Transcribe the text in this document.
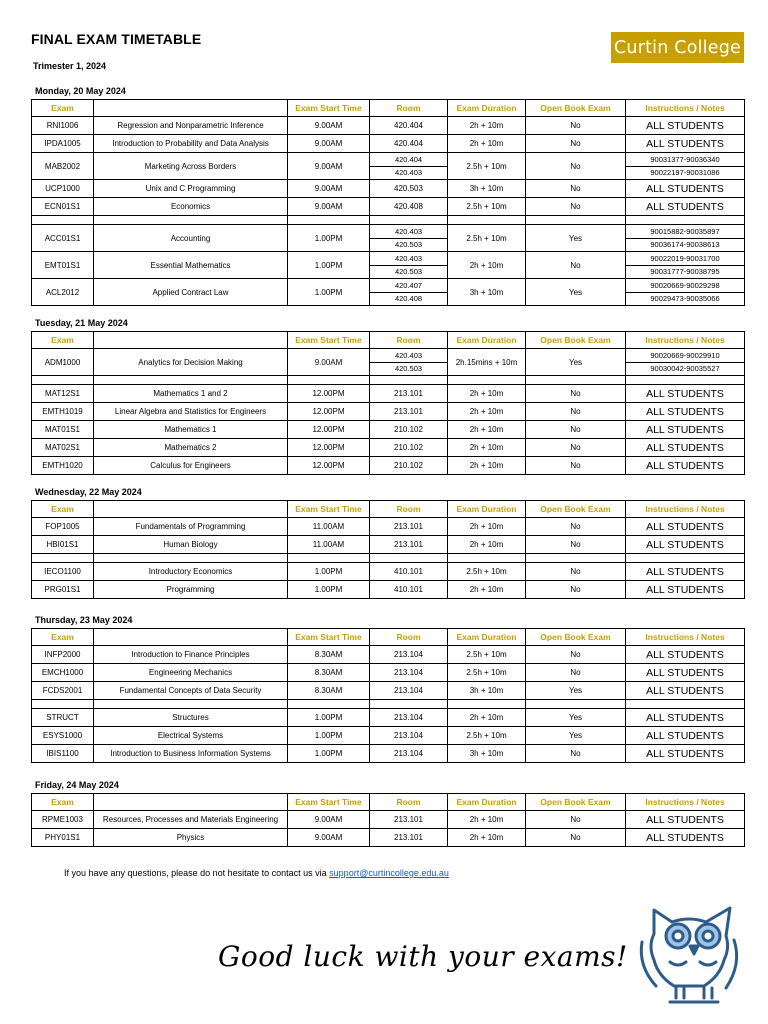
FINAL EXAM TIMETABLE
Trimester 1, 2024
Curtin College
Monday, 20 May 2024
Exam		Exam Start Time	Room	Exam Duration	Open Book Exam	Instructions / Notes
RNI1006	Regression and Nonparametric Inference	9.00AM	420.404	2h + 10m	No	ALL STUDENTS
IPDA1005	Introduction to Probability and Data Analysis	9.00AM	420.404	2h + 10m	No	ALL STUDENTS
MAB2002	Marketing Across Borders	9.00AM	420.404	2.5h + 10m	No	90031377-90036340
			420.403			90022197-90031086
UCP1000	Unix and C Programming	9.00AM	420.503	3h + 10m	No	ALL STUDENTS
ECN01S1	Economics	9.00AM	420.408	2.5h + 10m	No	ALL STUDENTS

ACC01S1	Accounting	1.00PM	420.403	2.5h + 10m	Yes	90015882-90035897
			420.503			90036174-90038613
EMT01S1	Essential Mathematics	1.00PM	420.403	2h + 10m	No	90022019-90031700
			420.503			90031777-90038795
ACL2012	Applied Contract Law	1.00PM	420.407	3h + 10m	Yes	90020669-90029298
			420.408			90029473-90035066
Tuesday, 21 May 2024
Exam		Exam Start Time	Room	Exam Duration	Open Book Exam	Instructions / Notes
ADM1000	Analytics for Decision Making	9.00AM	420.403	2h.15mins + 10m	Yes	90020669-90029910
			420.503			90030042-90035527

MAT12S1	Mathematics 1 and 2	12.00PM	213.101	2h + 10m	No	ALL STUDENTS
EMTH1019	Linear Algebra and Statistics for Engineers	12.00PM	213.101	2h + 10m	No	ALL STUDENTS
MAT01S1	Mathematics 1	12.00PM	210.102	2h + 10m	No	ALL STUDENTS
MAT02S1	Mathematics 2	12.00PM	210.102	2h + 10m	No	ALL STUDENTS
EMTH1020	Calculus for Engineers	12.00PM	210.102	2h + 10m	No	ALL STUDENTS
Wednesday, 22 May 2024
Exam		Exam Start Time	Room	Exam Duration	Open Book Exam	Instructions / Notes
FOP1005	Fundamentals of Programming	11.00AM	213.101	2h + 10m	No	ALL STUDENTS
HBI01S1	Human Biology	11.00AM	213.101	2h + 10m	No	ALL STUDENTS

IECO1100	Introductory Economics	1.00PM	410.101	2.5h + 10m	No	ALL STUDENTS
PRG01S1	Programming	1.00PM	410.101	2h + 10m	No	ALL STUDENTS
Thursday, 23 May 2024
Exam		Exam Start Time	Room	Exam Duration	Open Book Exam	Instructions / Notes
INFP2000	Introduction to Finance Principles	8.30AM	213.104	2.5h + 10m	No	ALL STUDENTS
EMCH1000	Engineering Mechanics	8.30AM	213.104	2.5h + 10m	No	ALL STUDENTS
FCDS2001	Fundamental Concepts of Data Security	8.30AM	213.104	3h + 10m	Yes	ALL STUDENTS

STRUCT	Structures	1.00PM	213.104	2h + 10m	Yes	ALL STUDENTS
ESYS1000	Electrical Systems	1.00PM	213.104	2.5h + 10m	Yes	ALL STUDENTS
IBIS1100	Introduction to Business Information Systems	1.00PM	213.104	3h + 10m	No	ALL STUDENTS
Friday, 24 May 2024
Exam		Exam Start Time	Room	Exam Duration	Open Book Exam	Instructions / Notes
RPME1003	Resources, Processes and Materials Engineering	9.00AM	213.101	2h + 10m	No	ALL STUDENTS
PHY01S1	Physics	9.00AM	213.101	2h + 10m	No	ALL STUDENTS
If you have any questions, please do not hesitate to contact us via support@curtincollege.edu.au
Good luck with your exams!
